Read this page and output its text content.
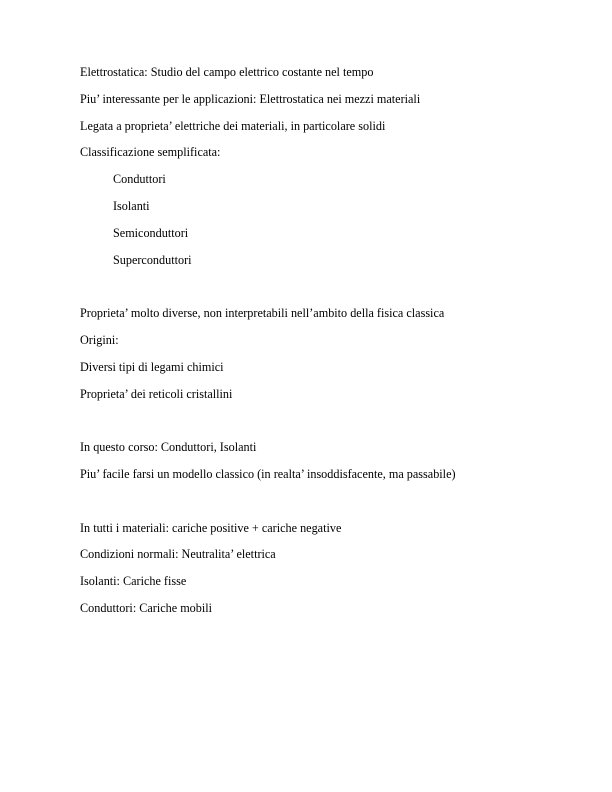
Elettrostatica: Studio del campo elettrico costante nel tempo
Piu’ interessante per le applicazioni: Elettrostatica nei mezzi materiali
Legata a proprieta’ elettriche dei materiali, in particolare solidi
Classificazione semplificata:
Conduttori
Isolanti
Semiconduttori
Superconduttori
Proprieta’ molto diverse, non interpretabili nell’ambito della fisica classica
Origini:
Diversi tipi di legami chimici
Proprieta’ dei reticoli cristallini
In questo corso: Conduttori, Isolanti
Piu’ facile farsi un modello classico (in realta’ insoddisfacente, ma passabile)
In tutti i materiali: cariche positive + cariche negative
Condizioni normali: Neutralita’ elettrica
Isolanti: Cariche fisse
Conduttori: Cariche mobili
